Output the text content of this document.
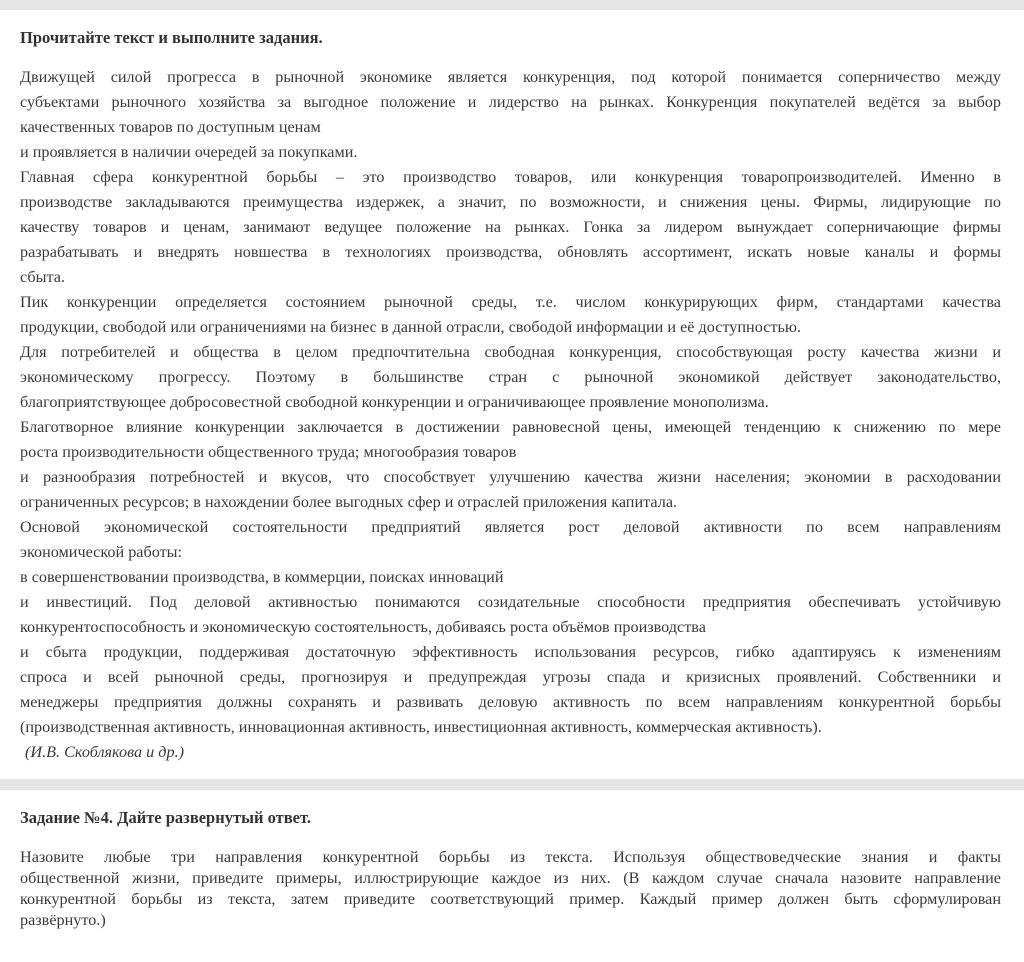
Прочитайте текст и выполните задания.

Движущей силой прогресса в рыночной экономике является конкуренция, под которой понимается соперничество между
субъектами рыночного хозяйства за выгодное положение и лидерство на рынках. Конкуренция покупателей ведётся за выбор
качественных товаров по доступным ценам
и проявляется в наличии очередей за покупками.
Главная сфера конкурентной борьбы – это производство товаров, или конкуренция товаропроизводителей. Именно в
производстве закладываются преимущества издержек, а значит, по возможности, и снижения цены. Фирмы, лидирующие по
качеству товаров и ценам, занимают ведущее положение на рынках. Гонка за лидером вынуждает соперничающие фирмы
разрабатывать и внедрять новшества в технологиях производства, обновлять ассортимент, искать новые каналы и формы
сбыта.
Пик конкуренции определяется состоянием рыночной среды, т.е. числом конкурирующих фирм, стандартами качества
продукции, свободой или ограничениями на бизнес в данной отрасли, свободой информации и её доступностью.
Для потребителей и общества в целом предпочтительна свободная конкуренция, способствующая росту качества жизни и
экономическому прогрессу. Поэтому в большинстве стран с рыночной экономикой действует законодательство,
благоприятствующее добросовестной свободной конкуренции и ограничивающее проявление монополизма.
Благотворное влияние конкуренции заключается в достижении равновесной цены, имеющей тенденцию к снижению по мере
роста производительности общественного труда; многообразия товаров
и разнообразия потребностей и вкусов, что способствует улучшению качества жизни населения; экономии в расходовании
ограниченных ресурсов; в нахождении более выгодных сфер и отраслей приложения капитала.
Основой экономической состоятельности предприятий является рост деловой активности по всем направлениям
экономической работы:
в совершенствовании производства, в коммерции, поисках инноваций
и инвестиций. Под деловой активностью понимаются созидательные способности предприятия обеспечивать устойчивую
конкурентоспособность и экономическую состоятельность, добиваясь роста объёмов производства
и сбыта продукции, поддерживая достаточную эффективность использования ресурсов, гибко адаптируясь к изменениям
спроса и всей рыночной среды, прогнозируя и предупреждая угрозы спада и кризисных проявлений. Собственники и
менеджеры предприятия должны сохранять и развивать деловую активность по всем направлениям конкурентной борьбы
(производственная активность, инновационная активность, инвестиционная активность, коммерческая активность).
(И.В. Скоблякова и др.)

Задание №4. Дайте развернутый ответ.

Назовите любые три направления конкурентной борьбы из текста. Используя обществоведческие знания и факты
общественной жизни, приведите примеры, иллюстрирующие каждое из них. (В каждом случае сначала назовите направление
конкурентной борьбы из текста, затем приведите соответствующий пример. Каждый пример должен быть сформулирован
развёрнуто.)
